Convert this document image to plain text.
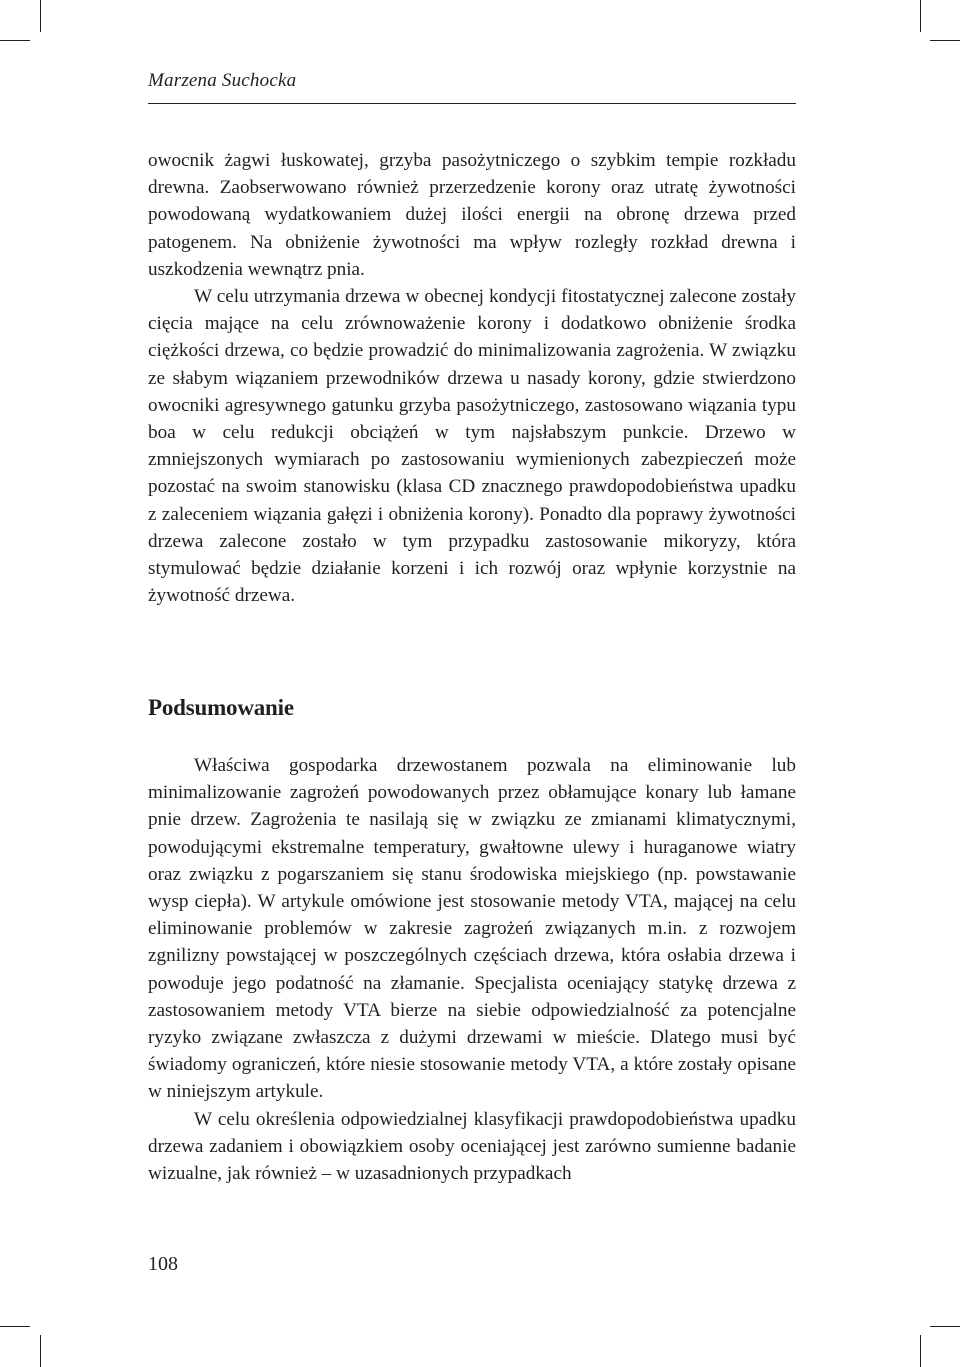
Marzena Suchocka

owocnik żagwi łuskowatej, grzyba pasożytniczego o szybkim tempie rozkładu drewna. Zaobserwowano również przerzedzenie korony oraz utratę żywotności powodowaną wydatkowaniem dużej ilości energii na obronę drzewa przed patogenem. Na obniżenie żywotności ma wpływ rozległy rozkład drewna i uszkodzenia wewnątrz pnia.

W celu utrzymania drzewa w obecnej kondycji fitostatycznej zalecone zostały cięcia mające na celu zrównoważenie korony i dodatkowo obniżenie środka ciężkości drzewa, co będzie prowadzić do minimalizowania zagrożenia. W związku ze słabym wiązaniem przewodników drzewa u nasady korony, gdzie stwierdzono owocniki agresywnego gatunku grzyba pasożytniczego, zastosowano wiązania typu boa w celu redukcji obciążeń w tym najsłabszym punkcie. Drzewo w zmniejszonych wymiarach po zastosowaniu wymienionych zabezpieczeń może pozostać na swoim stanowisku (klasa CD znacznego prawdopodobieństwa upadku z zaleceniem wiązania gałęzi i obniżenia korony). Ponadto dla poprawy żywotności drzewa zalecone zostało w tym przypadku zastosowanie mikoryzy, która stymulować będzie działanie korzeni i ich rozwój oraz wpłynie korzystnie na żywotność drzewa.

Podsumowanie

Właściwa gospodarka drzewostanem pozwala na eliminowanie lub minimalizowanie zagrożeń powodowanych przez obłamujące konary lub łamane pnie drzew. Zagrożenia te nasilają się w związku ze zmianami klimatycznymi, powodującymi ekstremalne temperatury, gwałtowne ulewy i huraganowe wiatry oraz związku z pogarszaniem się stanu środowiska miejskiego (np. powstawanie wysp ciepła). W artykule omówione jest stosowanie metody VTA, mającej na celu eliminowanie problemów w zakresie zagrożeń związanych m.in. z rozwojem zgnilizny powstającej w poszczególnych częściach drzewa, która osłabia drzewa i powoduje jego podatność na złamanie. Specjalista oceniający statykę drzewa z zastosowaniem metody VTA bierze na siebie odpowiedzialność za potencjalne ryzyko związane zwłaszcza z dużymi drzewami w mieście. Dlatego musi być świadomy ograniczeń, które niesie stosowanie metody VTA, a które zostały opisane w niniejszym artykule.

W celu określenia odpowiedzialnej klasyfikacji prawdopodobieństwa upadku drzewa zadaniem i obowiązkiem osoby oceniającej jest zarówno sumienne badanie wizualne, jak również – w uzasadnionych przypadkach

108
